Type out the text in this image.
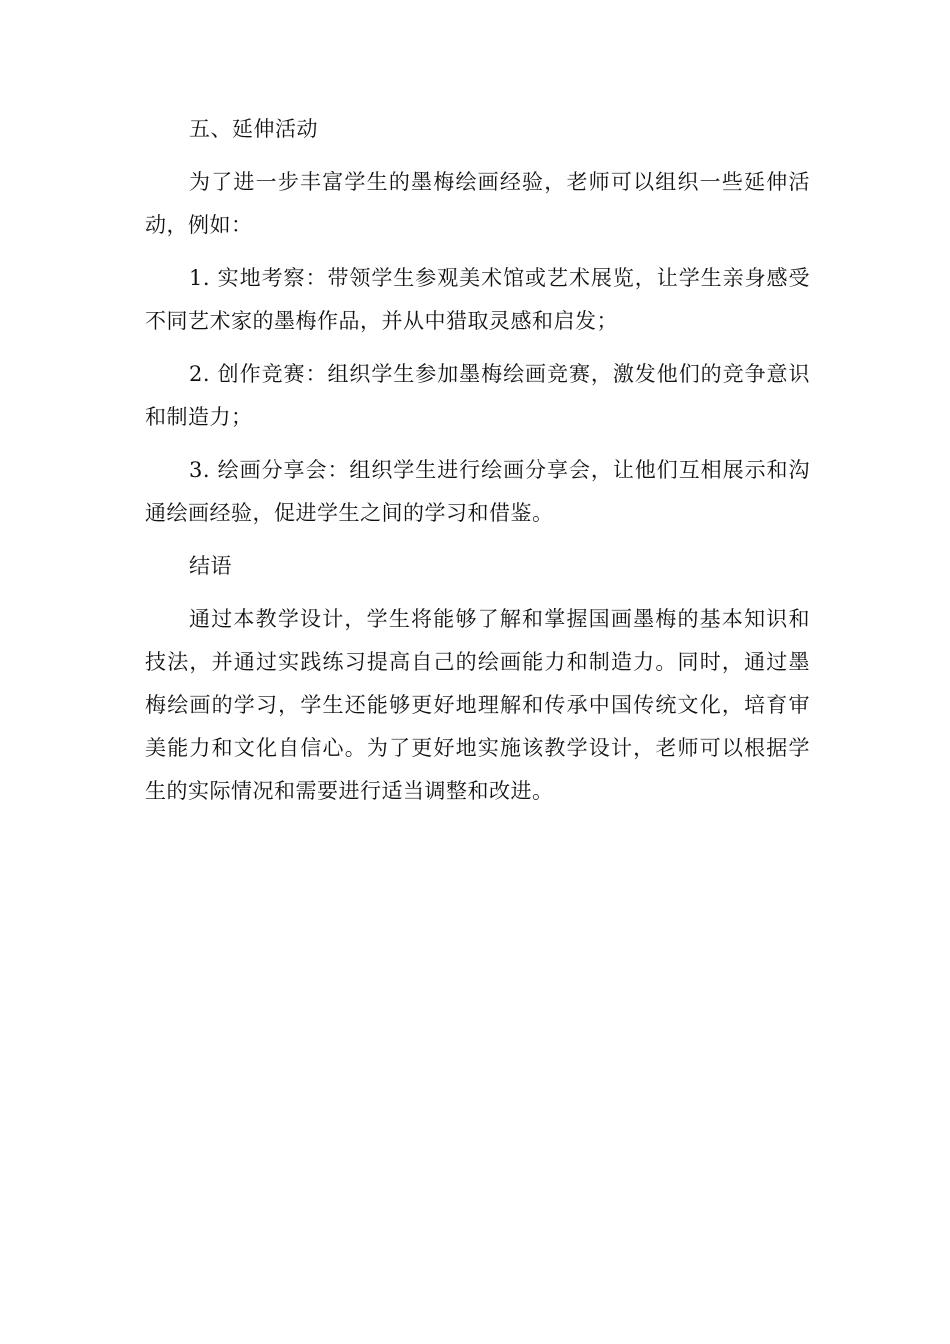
五、延伸活动

为了进一步丰富学生的墨梅绘画经验，老师可以组织一些延伸活动，例如：

1. 实地考察：带领学生参观美术馆或艺术展览，让学生亲身感受不同艺术家的墨梅作品，并从中猎取灵感和启发；

2. 创作竞赛：组织学生参加墨梅绘画竞赛，激发他们的竞争意识和制造力；

3. 绘画分享会：组织学生进行绘画分享会，让他们互相展示和沟通绘画经验，促进学生之间的学习和借鉴。

结语

通过本教学设计，学生将能够了解和掌握国画墨梅的基本知识和技法，并通过实践练习提高自己的绘画能力和制造力。同时，通过墨梅绘画的学习，学生还能够更好地理解和传承中国传统文化，培育审美能力和文化自信心。为了更好地实施该教学设计，老师可以根据学生的实际情况和需要进行适当调整和改进。
